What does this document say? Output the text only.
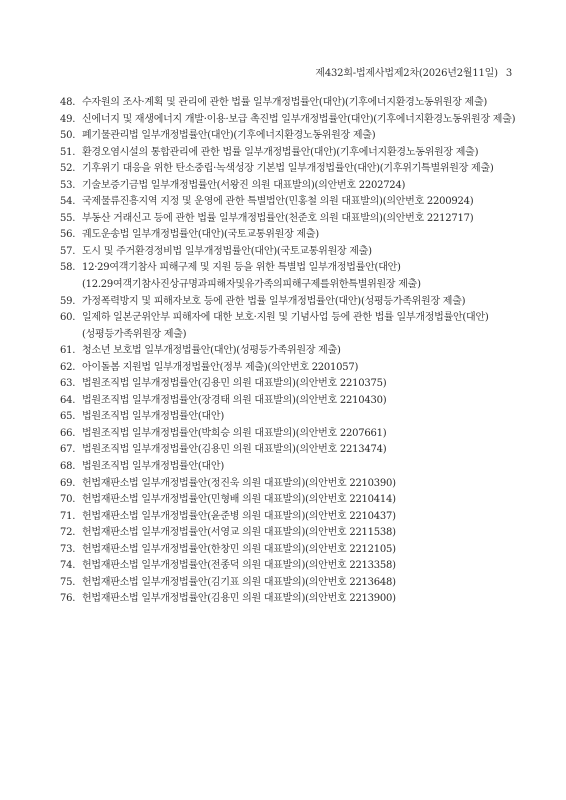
제432회-법제사법제2차(2026년2월11일) 3
48. 수자원의 조사·계획 및 관리에 관한 법률 일부개정법률안(대안)(기후에너지환경노동위원장 제출)
49. 신에너지 및 재생에너지 개발·이용·보급 촉진법 일부개정법률안(대안)(기후에너지환경노동위원장 제출)
50. 폐기물관리법 일부개정법률안(대안)(기후에너지환경노동위원장 제출)
51. 환경오염시설의 통합관리에 관한 법률 일부개정법률안(대안)(기후에너지환경노동위원장 제출)
52. 기후위기 대응을 위한 탄소중립·녹색성장 기본법 일부개정법률안(대안)(기후위기특별위원장 제출)
53. 기술보증기금법 일부개정법률안(서왕진 의원 대표발의)(의안번호 2202724)
54. 국제물류진흥지역 지정 및 운영에 관한 특별법안(민홍철 의원 대표발의)(의안번호 2200924)
55. 부동산 거래신고 등에 관한 법률 일부개정법률안(천준호 의원 대표발의)(의안번호 2212717)
56. 궤도운송법 일부개정법률안(대안)(국토교통위원장 제출)
57. 도시 및 주거환경정비법 일부개정법률안(대안)(국토교통위원장 제출)
58. 12·29여객기참사 피해구제 및 지원 등을 위한 특별법 일부개정법률안(대안)(12.29여객기참사진상규명과피해자및유가족의피해구제를위한특별위원장 제출)
59. 가정폭력방지 및 피해자보호 등에 관한 법률 일부개정법률안(대안)(성평등가족위원장 제출)
60. 일제하 일본군위안부 피해자에 대한 보호·지원 및 기념사업 등에 관한 법률 일부개정법률안(대안)(성평등가족위원장 제출)
61. 청소년 보호법 일부개정법률안(대안)(성평등가족위원장 제출)
62. 아이돌봄 지원법 일부개정법률안(정부 제출)(의안번호 2201057)
63. 법원조직법 일부개정법률안(김용민 의원 대표발의)(의안번호 2210375)
64. 법원조직법 일부개정법률안(장경태 의원 대표발의)(의안번호 2210430)
65. 법원조직법 일부개정법률안(대안)
66. 법원조직법 일부개정법률안(박희승 의원 대표발의)(의안번호 2207661)
67. 법원조직법 일부개정법률안(김용민 의원 대표발의)(의안번호 2213474)
68. 법원조직법 일부개정법률안(대안)
69. 헌법재판소법 일부개정법률안(정진욱 의원 대표발의)(의안번호 2210390)
70. 헌법재판소법 일부개정법률안(민형배 의원 대표발의)(의안번호 2210414)
71. 헌법재판소법 일부개정법률안(윤준병 의원 대표발의)(의안번호 2210437)
72. 헌법재판소법 일부개정법률안(서영교 의원 대표발의)(의안번호 2211538)
73. 헌법재판소법 일부개정법률안(한창민 의원 대표발의)(의안번호 2212105)
74. 헌법재판소법 일부개정법률안(전종덕 의원 대표발의)(의안번호 2213358)
75. 헌법재판소법 일부개정법률안(김기표 의원 대표발의)(의안번호 2213648)
76. 헌법재판소법 일부개정법률안(김용민 의원 대표발의)(의안번호 2213900)
